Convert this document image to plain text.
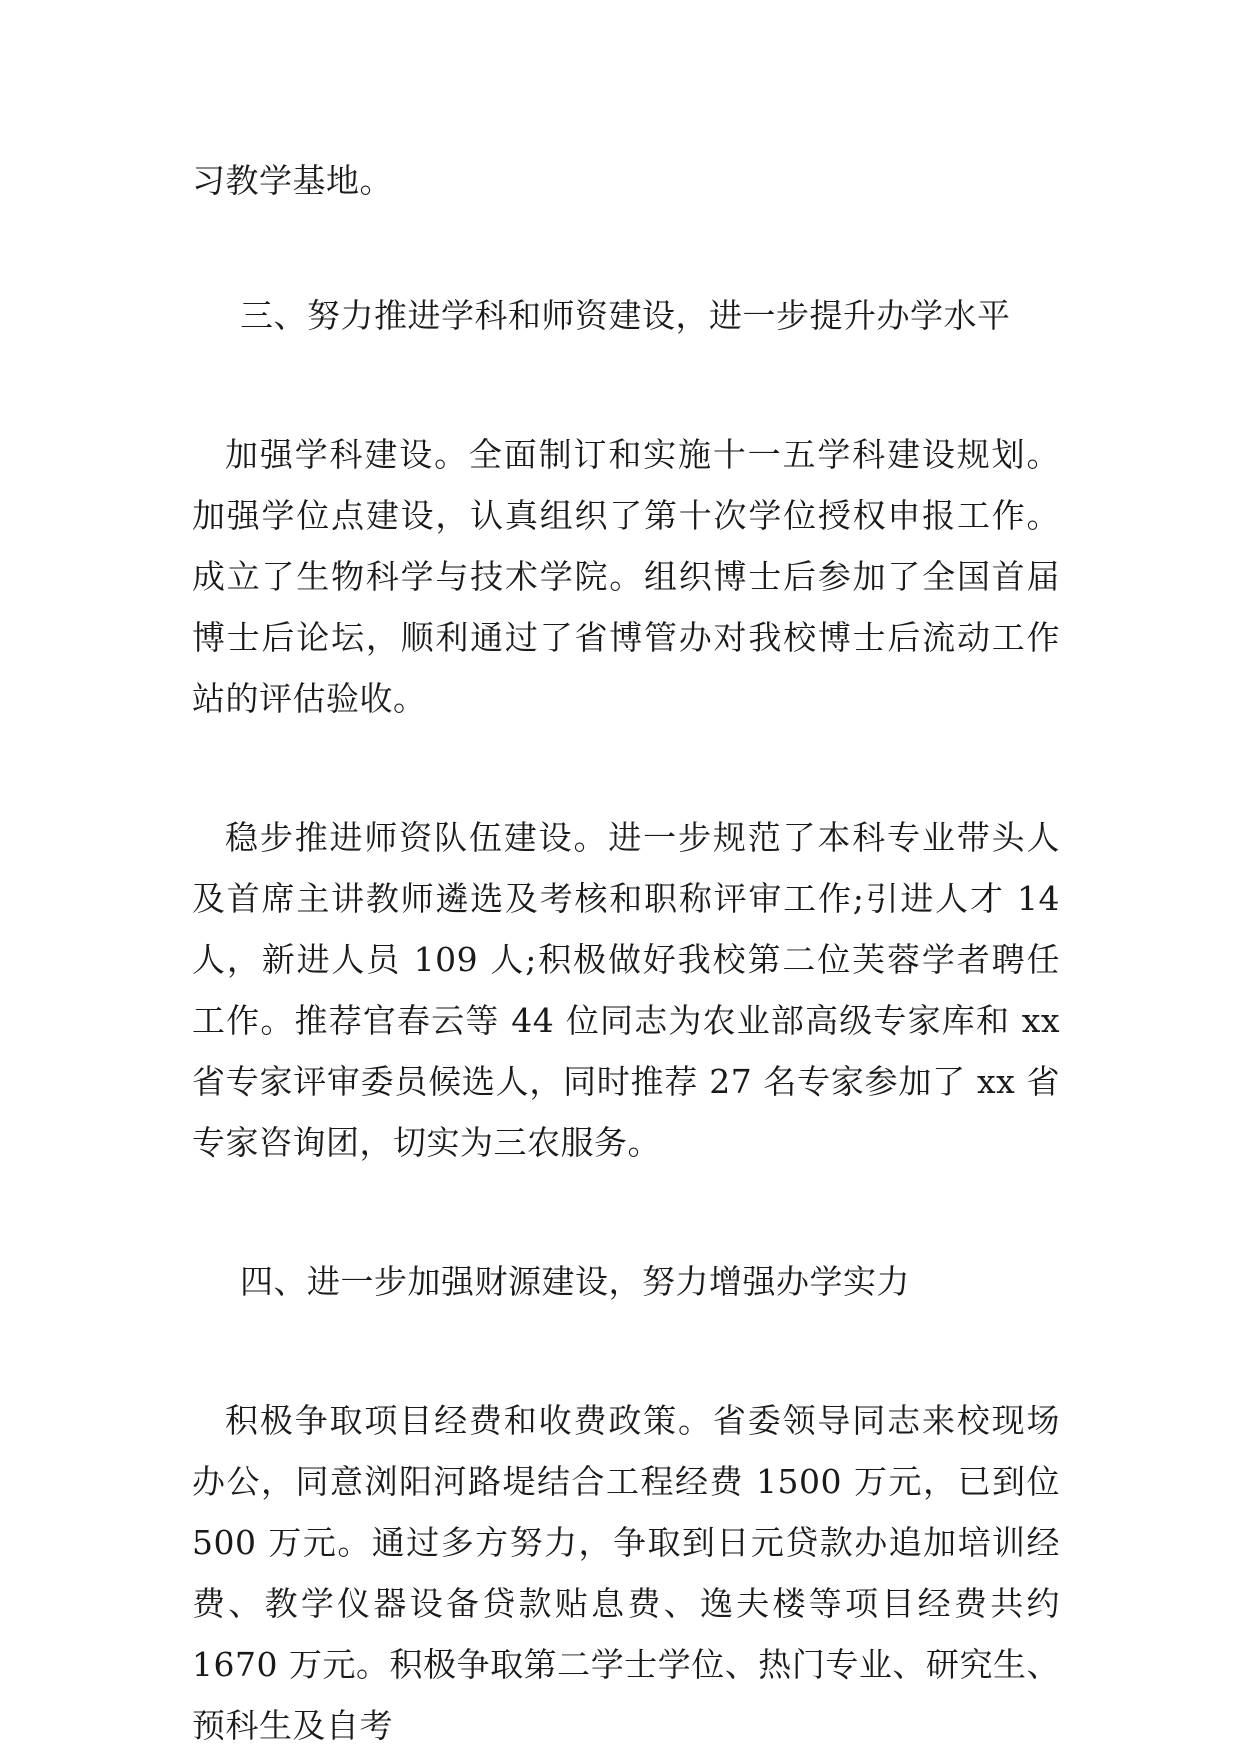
习教学基地。

三、努力推进学科和师资建设，进一步提升办学水平

加强学科建设。全面制订和实施十一五学科建设规划。加强学位点建设，认真组织了第十次学位授权申报工作。成立了生物科学与技术学院。组织博士后参加了全国首届博士后论坛，顺利通过了省博管办对我校博士后流动工作站的评估验收。

稳步推进师资队伍建设。进一步规范了本科专业带头人及首席主讲教师遴选及考核和职称评审工作;引进人才 14 人，新进人员 109 人;积极做好我校第二位芙蓉学者聘任工作。推荐官春云等 44 位同志为农业部高级专家库和 xx 省专家评审委员候选人，同时推荐 27 名专家参加了 xx 省专家咨询团，切实为三农服务。

四、进一步加强财源建设，努力增强办学实力

积极争取项目经费和收费政策。省委领导同志来校现场办公，同意浏阳河路堤结合工程经费 1500 万元，已到位 500 万元。通过多方努力，争取到日元贷款办追加培训经费、教学仪器设备贷款贴息费、逸夫楼等项目经费共约 1670 万元。积极争取第二学士学位、热门专业、研究生、预科生及自考
